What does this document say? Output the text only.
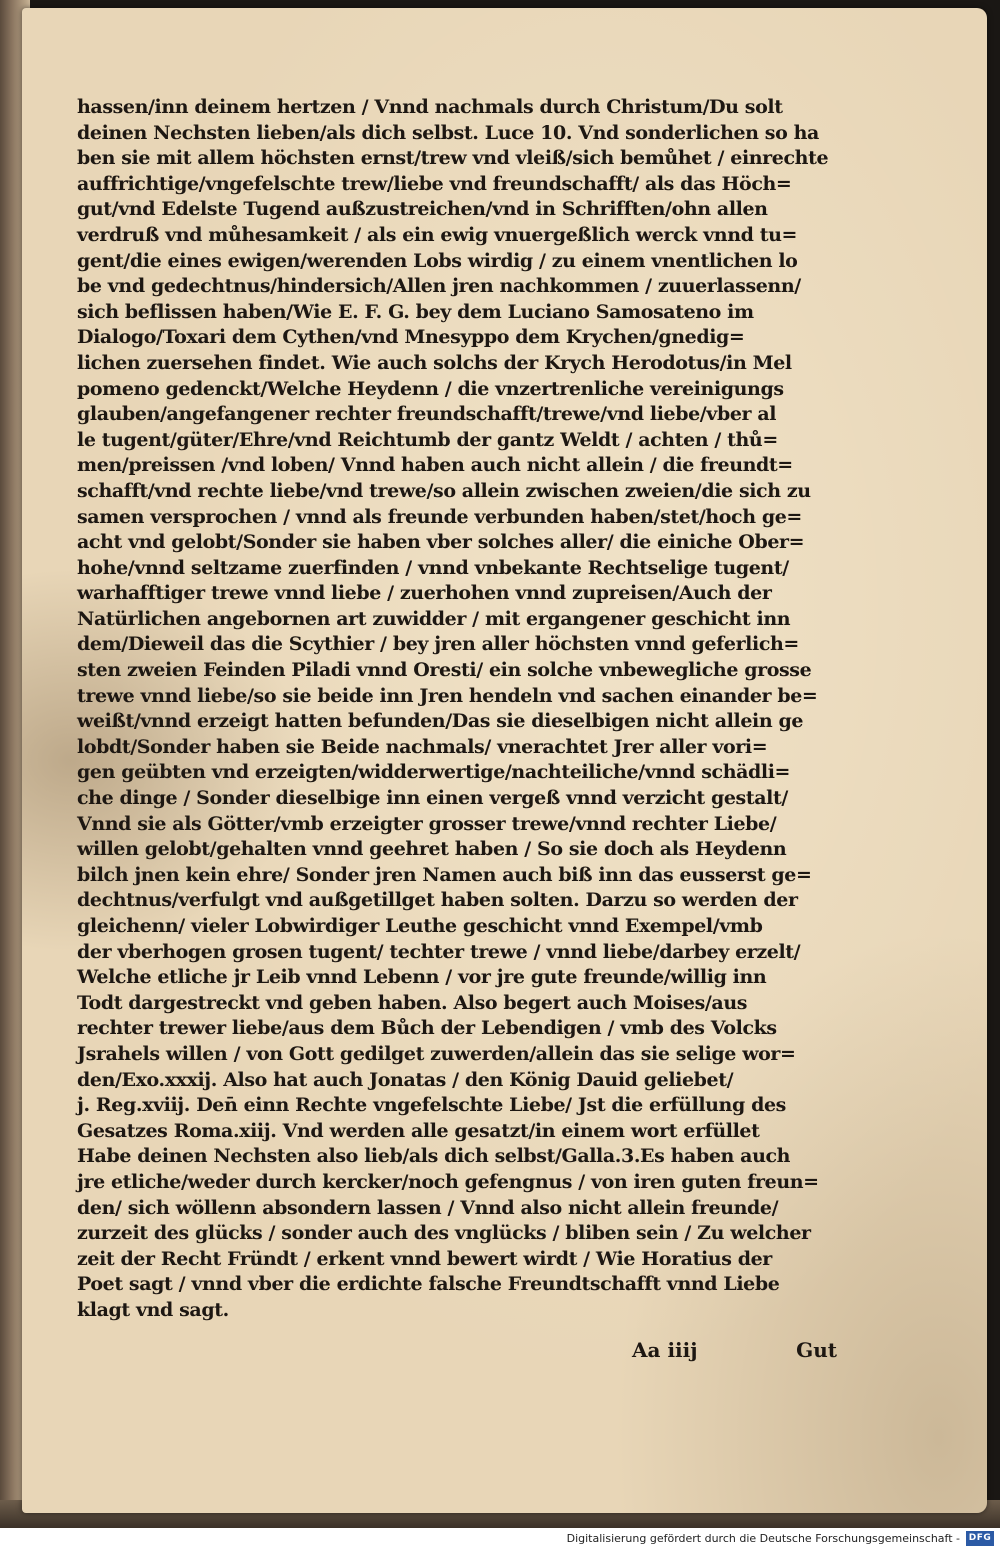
hassen/inn deinem hertzen / Vnnd nachmals durch Christum/Du solt
deinen Nechsten lieben/als dich selbst. Luce 10. Vnd sonderlichen so ha
ben sie mit allem höchsten ernst/trew vnd vleiß/sich bemůhet / einrechte
auffrichtige/vngefelschte trew/liebe vnd freundschafft/ als das Höch=
gut/vnd Edelste Tugend außzustreichen/vnd in Schrifften/ohn allen
verdruß vnd můhesamkeit / als ein ewig vnuergeßlich werck vnnd tu=
gent/die eines ewigen/werenden Lobs wirdig / zu einem vnentlichen lo
be vnd gedechtnus/hindersich/Allen jren nachkommen / zuuerlassenn/
sich beflissen haben/Wie E. F. G. bey dem Luciano Samosateno im
Dialogo/Toxari dem Cythen/vnd Mnesyppo dem Krychen/gnedig=
lichen zuersehen findet. Wie auch solchs der Krych Herodotus/in Mel
pomeno gedenckt/Welche Heydenn / die vnzertrenliche vereinigungs
glauben/angefangener rechter freundschafft/trewe/vnd liebe/vber al
le tugent/güter/Ehre/vnd Reichtumb der gantz Weldt / achten / thů=
men/preissen /vnd loben/ Vnnd haben auch nicht allein / die freundt=
schafft/vnd rechte liebe/vnd trewe/so allein zwischen zweien/die sich zu
samen versprochen / vnnd als freunde verbunden haben/stet/hoch ge=
acht vnd gelobt/Sonder sie haben vber solches aller/ die einiche Ober=
hohe/vnnd seltzame zuerfinden / vnnd vnbekante Rechtselige tugent/
warhafftiger trewe vnnd liebe / zuerhohen vnnd zupreisen/Auch der
Natürlichen angebornen art zuwidder / mit ergangener geschicht inn
dem/Dieweil das die Scythier / bey jren aller höchsten vnnd geferlich=
sten zweien Feinden Piladi vnnd Oresti/ ein solche vnbewegliche grosse
trewe vnnd liebe/so sie beide inn Jren hendeln vnd sachen einander be=
weißt/vnnd erzeigt hatten befunden/Das sie dieselbigen nicht allein ge
lobdt/Sonder haben sie Beide nachmals/ vnerachtet Jrer aller vori=
gen geübten vnd erzeigten/widderwertige/nachteiliche/vnnd schädli=
che dinge / Sonder dieselbige inn einen vergeß vnnd verzicht gestalt/
Vnnd sie als Götter/vmb erzeigter grosser trewe/vnnd rechter Liebe/
willen gelobt/gehalten vnnd geehret haben / So sie doch als Heydenn
bilch jnen kein ehre/ Sonder jren Namen auch biß inn das eusserst ge=
dechtnus/verfulgt vnd außgetillget haben solten. Darzu so werden der
gleichenn/ vieler Lobwirdiger Leuthe geschicht vnnd Exempel/vmb
der vberhogen grosen tugent/ techter trewe / vnnd liebe/darbey erzelt/
Welche etliche jr Leib vnnd Lebenn / vor jre gute freunde/willig inn
Todt dargestreckt vnd geben haben. Also begert auch Moises/aus
rechter trewer liebe/aus dem Bůch der Lebendigen / vmb des Volcks
Jsrahels willen / von Gott gedilget zuwerden/allein das sie selige wor=
den/Exo.xxxij. Also hat auch Jonatas / den König Dauid geliebet/
j. Reg.xviij. Den̄ einn Rechte vngefelschte Liebe/ Jst die erfüllung des
Gesatzes Roma.xiij. Vnd werden alle gesatzt/in einem wort erfüllet
Habe deinen Nechsten also lieb/als dich selbst/Galla.3.Es haben auch
jre etliche/weder durch kercker/noch gefengnus / von iren guten freun=
den/ sich wöllenn absondern lassen / Vnnd also nicht allein freunde/
zurzeit des glücks / sonder auch des vnglücks / bliben sein / Zu welcher
zeit der Recht Fründt / erkent vnnd bewert wirdt / Wie Horatius der
Poet sagt / vnnd vber die erdichte falsche Freundtschafft vnnd Liebe
klagt vnd sagt.
Aa iiij	Gut
Digitalisierung gefördert durch die Deutsche Forschungsgemeinschaft - DFG
